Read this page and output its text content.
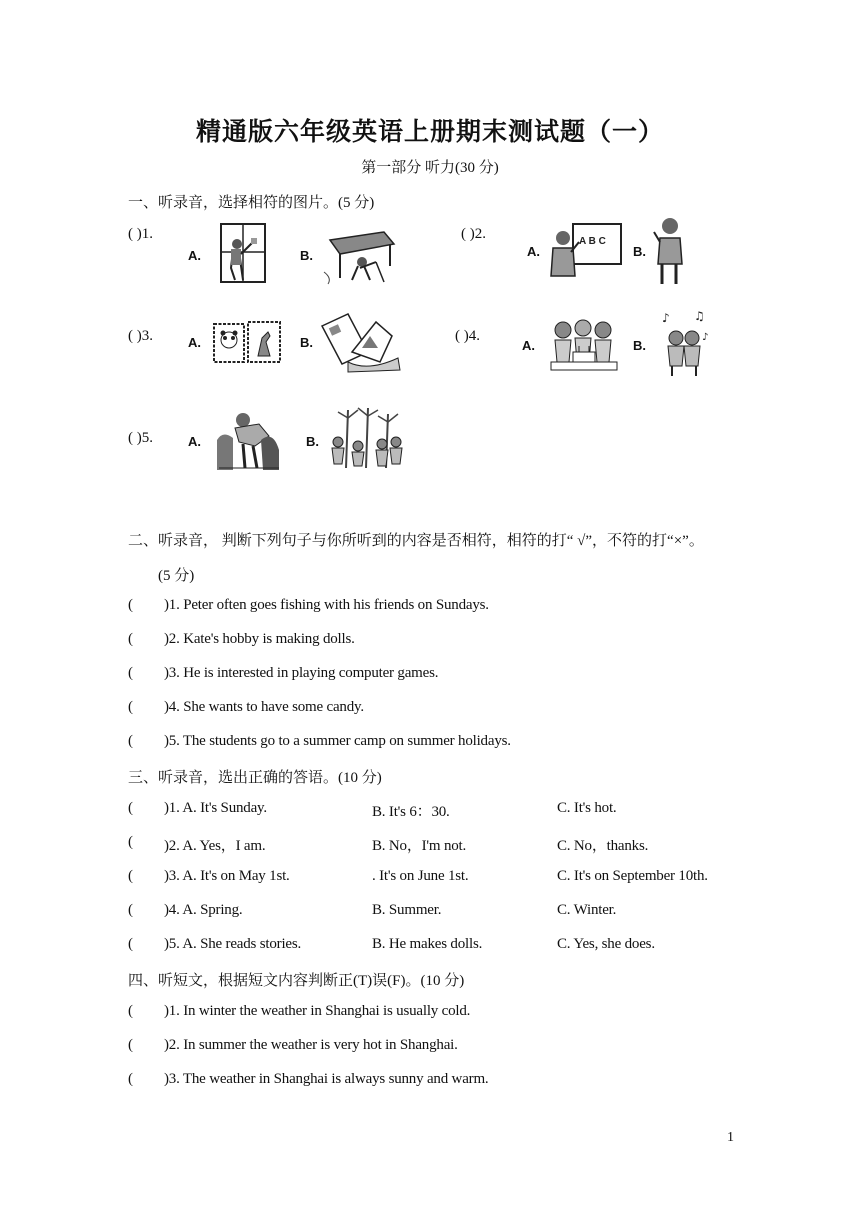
精通版六年级英语上册期末测试题（一）
第一部分 听力(30 分)
一、听录音，选择相符的图片。(5 分)
( )1.
A.	B.
( )2.
A.
A B C
B.
( )3.	A.	B.	( )4.
A.	B.
♪ ♫
♪
( )5.	A.	B.
二、听录音， 判断下列句子与你所听到的内容是否相符，相符的打“ √”，不符的打“×”。
(5 分)
( )1. Peter often goes fishing with his friends on Sundays.
( )2. Kate's hobby is making dolls.
( )3. He is interested in playing computer games.
( )4. She wants to have some candy.
( )5. The students go to a summer camp on summer holidays.
三、听录音，选出正确的答语。(10 分)
( )1. A. It's Sunday.	B. It's 6：30.	C. It's hot.
( )2. A. Yes，I am.	B. No，I'm not.	C. No，thanks.
( )3. A. It's on May 1st.	. It's on June 1st.	C. It's on September 10th.
( )4. A. Spring.	B. Summer.	C. Winter.
( )5. A. She reads stories.	B. He makes dolls.	C. Yes, she does.
四、听短文，根据短文内容判断正(T)误(F)。(10 分)
( )1. In winter the weather in Shanghai is usually cold.
( )2. In summer the weather is very hot in Shanghai.
( )3. The weather in Shanghai is always sunny and warm.
1
